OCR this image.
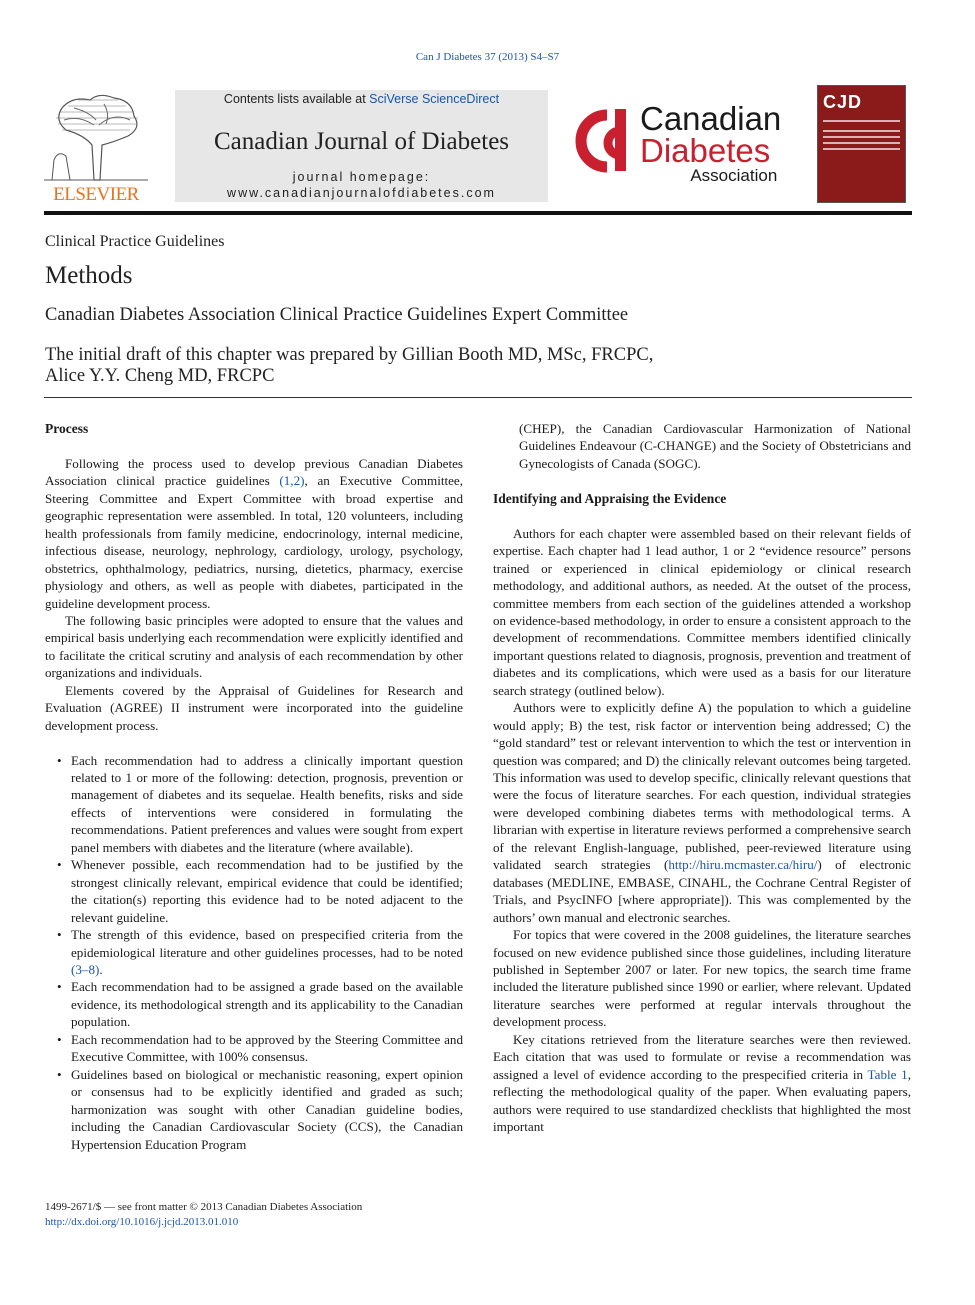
Can J Diabetes 37 (2013) S4–S7
ELSEVIER
Contents lists available at SciVerse ScienceDirect
Canadian Journal of Diabetes
journal homepage:
www.canadianjournalofdiabetes.com
Canadian
Diabetes
Association
CJD
Clinical Practice Guidelines
Methods
Canadian Diabetes Association Clinical Practice Guidelines Expert Committee
The initial draft of this chapter was prepared by Gillian Booth MD, MSc, FRCPC,
Alice Y.Y. Cheng MD, FRCPC
Process

Following the process used to develop previous Canadian Diabetes Association clinical practice guidelines (1,2), an Executive Committee, Steering Committee and Expert Committee with broad expertise and geographic representation were assembled. In total, 120 volunteers, including health professionals from family medicine, endocrinology, internal medicine, infectious disease, neurology, nephrology, cardiology, urology, psychology, obstetrics, ophthalmology, pediatrics, nursing, dietetics, pharmacy, exercise physiology and others, as well as people with diabetes, participated in the guideline development process.

The following basic principles were adopted to ensure that the values and empirical basis underlying each recommendation were explicitly identified and to facilitate the critical scrutiny and analysis of each recommendation by other organizations and individuals.

Elements covered by the Appraisal of Guidelines for Research and Evaluation (AGREE) II instrument were incorporated into the guideline development process.

• Each recommendation had to address a clinically important question related to 1 or more of the following: detection, prognosis, prevention or management of diabetes and its sequelae. Health benefits, risks and side effects of interventions were considered in formulating the recommendations. Patient preferences and values were sought from expert panel members with diabetes and the literature (where available).
• Whenever possible, each recommendation had to be justified by the strongest clinically relevant, empirical evidence that could be identified; the citation(s) reporting this evidence had to be noted adjacent to the relevant guideline.
• The strength of this evidence, based on prespecified criteria from the epidemiological literature and other guidelines processes, had to be noted (3–8).
• Each recommendation had to be assigned a grade based on the available evidence, its methodological strength and its applicability to the Canadian population.
• Each recommendation had to be approved by the Steering Committee and Executive Committee, with 100% consensus.
• Guidelines based on biological or mechanistic reasoning, expert opinion or consensus had to be explicitly identified and graded as such; harmonization was sought with other Canadian guideline bodies, including the Canadian Cardiovascular Society (CCS), the Canadian Hypertension Education Program

(CHEP), the Canadian Cardiovascular Harmonization of National Guidelines Endeavour (C-CHANGE) and the Society of Obstetricians and Gynecologists of Canada (SOGC).

Identifying and Appraising the Evidence

Authors for each chapter were assembled based on their relevant fields of expertise. Each chapter had 1 lead author, 1 or 2 “evidence resource” persons trained or experienced in clinical epidemiology or clinical research methodology, and additional authors, as needed. At the outset of the process, committee members from each section of the guidelines attended a workshop on evidence-based methodology, in order to ensure a consistent approach to the development of recommendations. Committee members identified clinically important questions related to diagnosis, prognosis, prevention and treatment of diabetes and its complications, which were used as a basis for our literature search strategy (outlined below).

Authors were to explicitly define A) the population to which a guideline would apply; B) the test, risk factor or intervention being addressed; C) the “gold standard” test or relevant intervention to which the test or intervention in question was compared; and D) the clinically relevant outcomes being targeted. This information was used to develop specific, clinically relevant questions that were the focus of literature searches. For each question, individual strategies were developed combining diabetes terms with methodological terms. A librarian with expertise in literature reviews performed a comprehensive search of the relevant English-language, published, peer-reviewed literature using validated search strategies (http://hiru.mcmaster.ca/hiru/) of electronic databases (MEDLINE, EMBASE, CINAHL, the Cochrane Central Register of Trials, and PsycINFO [where appropriate]). This was complemented by the authors’ own manual and electronic searches.

For topics that were covered in the 2008 guidelines, the literature searches focused on new evidence published since those guidelines, including literature published in September 2007 or later. For new topics, the search time frame included the literature published since 1990 or earlier, where relevant. Updated literature searches were performed at regular intervals throughout the development process.

Key citations retrieved from the literature searches were then reviewed. Each citation that was used to formulate or revise a recommendation was assigned a level of evidence according to the prespecified criteria in Table 1, reflecting the methodological quality of the paper. When evaluating papers, authors were required to use standardized checklists that highlighted the most important

1499-2671/$ — see front matter © 2013 Canadian Diabetes Association
http://dx.doi.org/10.1016/j.jcjd.2013.01.010
